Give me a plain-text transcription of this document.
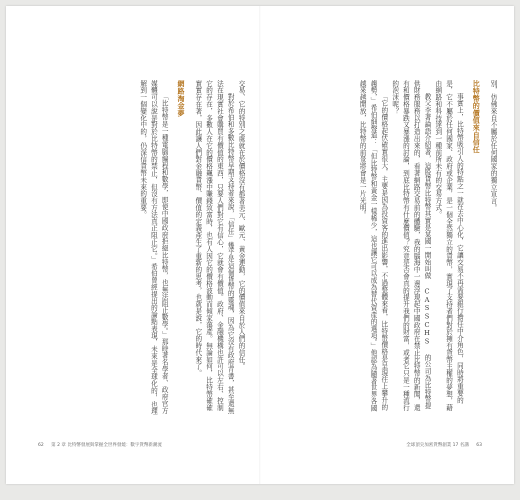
交易、它的特別之處就在於價格沒有都著美元、歐元、黃金連動，它的價值來自於人們的信任。

對於希伯和多數比特幣早期支持者來說，「信任」幾乎是這個貨幣的靈魂，因為它沒有政府背書，甚至還無法在現實社會購買有價值的東西，只要人們對它有信心，它就會有價值。政府、金融機構也許可以左右、控制它的存在，多數人在它的價格飆漲中賺錢致富時，也有人因它的價格波動而傾家蕩產。無論如何，比特幣確確實實存在著，因此讓人們對金融貨幣、價值的定義產生了重新的思考，也就是說，它的時代來了。

網路淘金夢

「比特幣是一種電腦編程和數學，即便中國政府拒絕比特幣，也無法阻止數學。」那時著名學者、政府官方媒體可以說是對於比特幣的禁止，但沒有方法真正阻止它。」希伯曾經提出的論點表現，未來是全球化的，也理解到一個變化中的，仍深信貨幣未來的重要。

62 第 2 章 比特幣發展與掌握全世界發燒：數字貨幣新潮流

別，仿佛來自不屬於任何國家的獨立宣言。

比特幣的價值來自信任

事實上，比特幣吸引人的特點之一就在去中心化，它讓交易不再需要銀行擔任中介角色，同時將重要的是，它不屬於任何國家、政府或企業，是一個全然獨立的貨幣，實現了支持者們對於擁有貨幣主權的夢想，藉由網路和科技達到一種前所未有的交易方式。

教父李著論語介紹著，這股貨幣比特幣其實是某國一開始叫做 CASSCHS 的公司為比特幣提供財務服務以打造出來的，看著網路交易前的體驗，我的腦海中一邊浮現起中國政府在禁止比特幣的新聞，還有和價格暴跌又暴漲的討論，到底比特幣有什麼價值？究竟是否會真的提升我們的財富，或者它只是一種流行的泡沫呢？

「它的價格起伏確實很大，主要是因為投資客的進出影響，不過整體來看，比特幣價格是呈現往上攀升的趨勢，」希伯細聲道：「但比特幣和黃金一樣稀少，這也讓它可以成為替代資產的選項。」他認為隨著世界各國越來越開放，比特幣的前景將會是一片光明。

全球頂尖加密貨幣創業 17 名講 63
